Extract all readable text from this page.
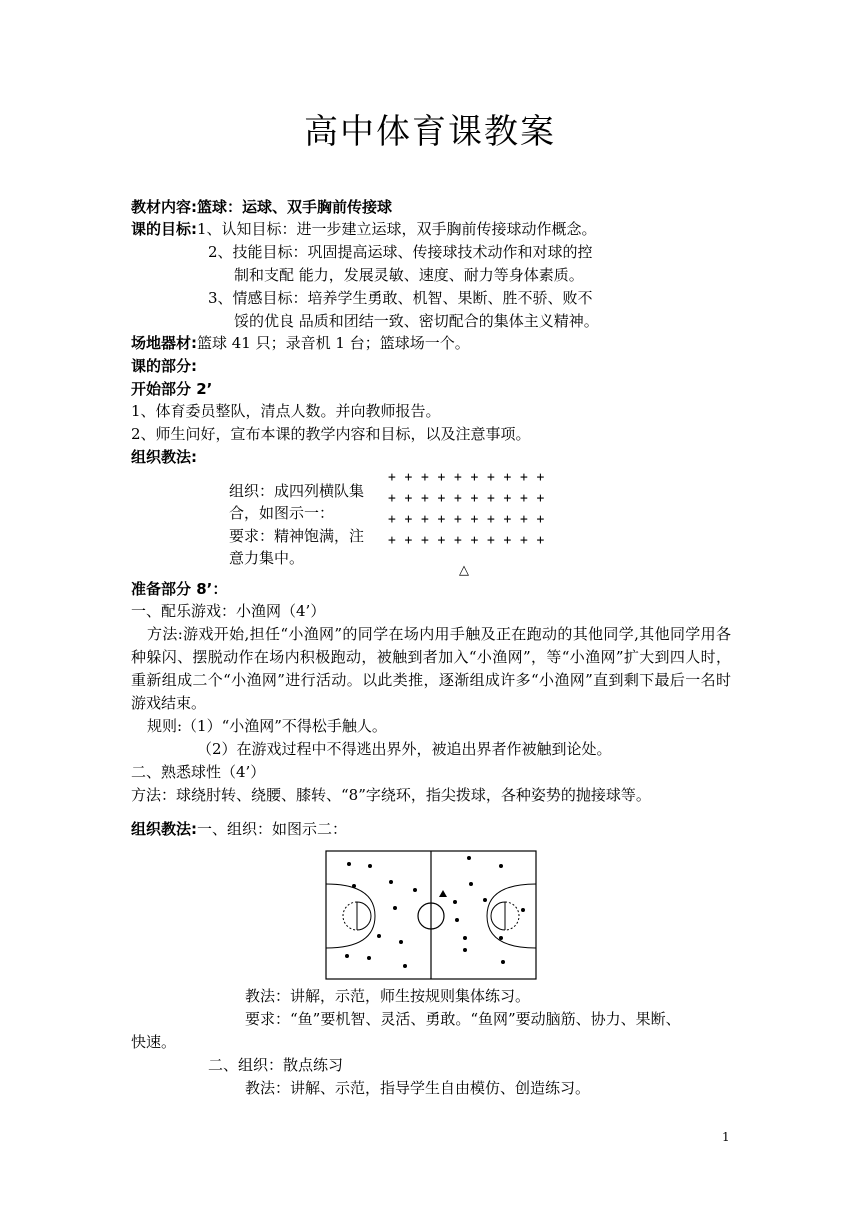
高中体育课教案
教材内容:篮球：运球、双手胸前传接球
课的目标:1、认知目标：进一步建立运球，双手胸前传接球动作概念。
2、技能目标：巩固提高运球、传接球技术动作和对球的控
制和支配 能力，发展灵敏、速度、耐力等身体素质。
3、情感目标：培养学生勇敢、机智、果断、胜不骄、败不
馁的优良 品质和团结一致、密切配合的集体主义精神。
场地器材:篮球 41 只；录音机 1 台；篮球场一个。
课的部分:
开始部分 2’
1、体育委员整队，清点人数。并向教师报告。
2、师生问好，宣布本课的教学内容和目标，以及注意事项。
组织教法:
组织：成四列横队集
合，如图示一：
要求：精神饱满，注
意力集中。
+ + + + + + + + + +
+ + + + + + + + + +
+ + + + + + + + + +
+ + + + + + + + + +
△
准备部分 8’：
一、配乐游戏：小渔网（4’）
方法:游戏开始,担任“小渔网”的同学在场内用手触及正在跑动的其他同学,其他同学用各种躲闪、摆脱动作在场内积极跑动，被触到者加入“小渔网”，等“小渔网”扩大到四人时，重新组成二个“小渔网”进行活动。以此类推，逐渐组成许多“小渔网”直到剩下最后一名时游戏结束。
规则:（1）“小渔网”不得松手触人。
（2）在游戏过程中不得逃出界外，被追出界者作被触到论处。
二、熟悉球性（4’）
方法：球绕肘转、绕腰、膝转、“8”字绕环，指尖拨球，各种姿势的抛接球等。
组织教法:一、组织：如图示二：
教法：讲解，示范，师生按规则集体练习。
要求：“鱼”要机智、灵活、勇敢。“鱼网”要动脑筋、协力、果断、
快速。
二、组织：散点练习
教法：讲解、示范，指导学生自由模仿、创造练习。
1
